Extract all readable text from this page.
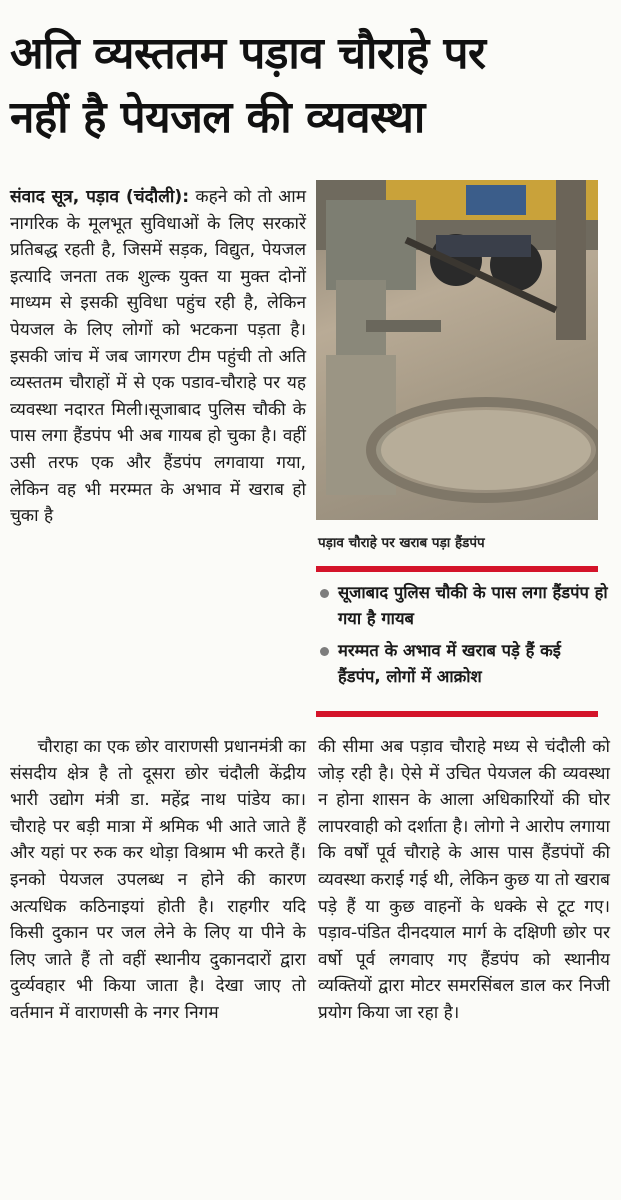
अति व्यस्ततम पड़ाव चौराहे पर
नहीं है पेयजल की व्यवस्था

संवाद सूत्र, पड़ाव (चंदौली): कहने को तो आम नागरिक के मूलभूत सुविधाओं के लिए सरकारें प्रतिबद्ध रहती है, जिसमें सड़क, विद्युत, पेयजल इत्यादि जनता तक शुल्क युक्त या मुक्त दोनों माध्यम से इसकी सुविधा पहुंच रही है, लेकिन पेयजल के लिए लोगों को भटकना पड़ता है। इसकी जांच में जब जागरण टीम पहुंची तो अति व्यस्ततम चौराहों में से एक पडाव-चौराहे पर यह व्यवस्था नदारत मिली।सूजाबाद पुलिस चौकी के पास लगा हैंडपंप भी अब गायब हो चुका है। वहीं उसी तरफ एक और हैंडपंप लगवाया गया, लेकिन वह भी मरम्मत के अभाव में खराब हो चुका है

पड़ाव चौराहे पर खराब पड़ा हैंडपंप
सूजाबाद पुलिस चौकी के पास लगा हैंडपंप हो गया है गायब
मरम्मत के अभाव में खराब पड़े हैं कई हैंडपंप, लोगों में आक्रोश

चौराहा का एक छोर वाराणसी प्रधानमंत्री का संसदीय क्षेत्र है तो दूसरा छोर चंदौली केंद्रीय भारी उद्योग मंत्री डा. महेंद्र नाथ पांडेय का। चौराहे पर बड़ी मात्रा में श्रमिक भी आते जाते हैं और यहां पर रुक कर थोड़ा विश्राम भी करते हैं। इनको पेयजल उपलब्ध न होने की कारण अत्यधिक कठिनाइयां होती है। राहगीर यदि किसी दुकान पर जल लेने के लिए या पीने के लिए जाते हैं तो वहीं स्थानीय दुकानदारों द्वारा दुर्व्यवहार भी किया जाता है। देखा जाए तो वर्तमान में वाराणसी के नगर निगम

की सीमा अब पड़ाव चौराहे मध्य से चंदौली को जोड़ रही है। ऐसे में उचित पेयजल की व्यवस्था न होना शासन के आला अधिकारियों की घोर लापरवाही को दर्शाता है। लोगो ने आरोप लगाया कि वर्षों पूर्व चौराहे के आस पास हैंडपंपों की व्यवस्था कराई गई थी, लेकिन कुछ या तो खराब पड़े हैं या कुछ वाहनों के धक्के से टूट गए। पड़ाव-पंडित दीनदयाल मार्ग के दक्षिणी छोर पर वर्षो पूर्व लगवाए गए हैंडपंप को स्थानीय व्यक्तियों द्वारा मोटर समरसिंबल डाल कर निजी प्रयोग किया जा रहा है।
